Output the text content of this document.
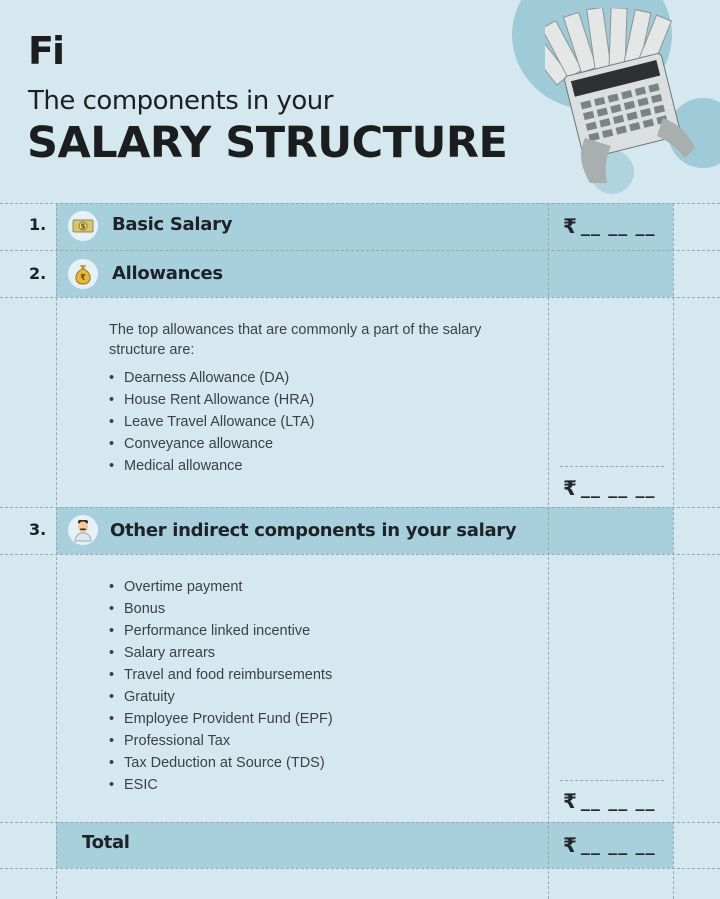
Fi
The components in your
SALARY STRUCTURE
1.	$ Basic Salary	₹ __ __ __
2.	₹ Allowances
The top allowances that are commonly a part of the salary structure are:
• Dearness Allowance (DA)
• House Rent Allowance (HRA)
• Leave Travel Allowance (LTA)
• Conveyance allowance
• Medical allowance
₹ __ __ __
3.	Other indirect components in your salary
• Overtime payment
• Bonus
• Performance linked incentive
• Salary arrears
• Travel and food reimbursements
• Gratuity
• Employee Provident Fund (EPF)
• Professional Tax
• Tax Deduction at Source (TDS)
• ESIC
₹ __ __ __
Total	₹ __ __ __
